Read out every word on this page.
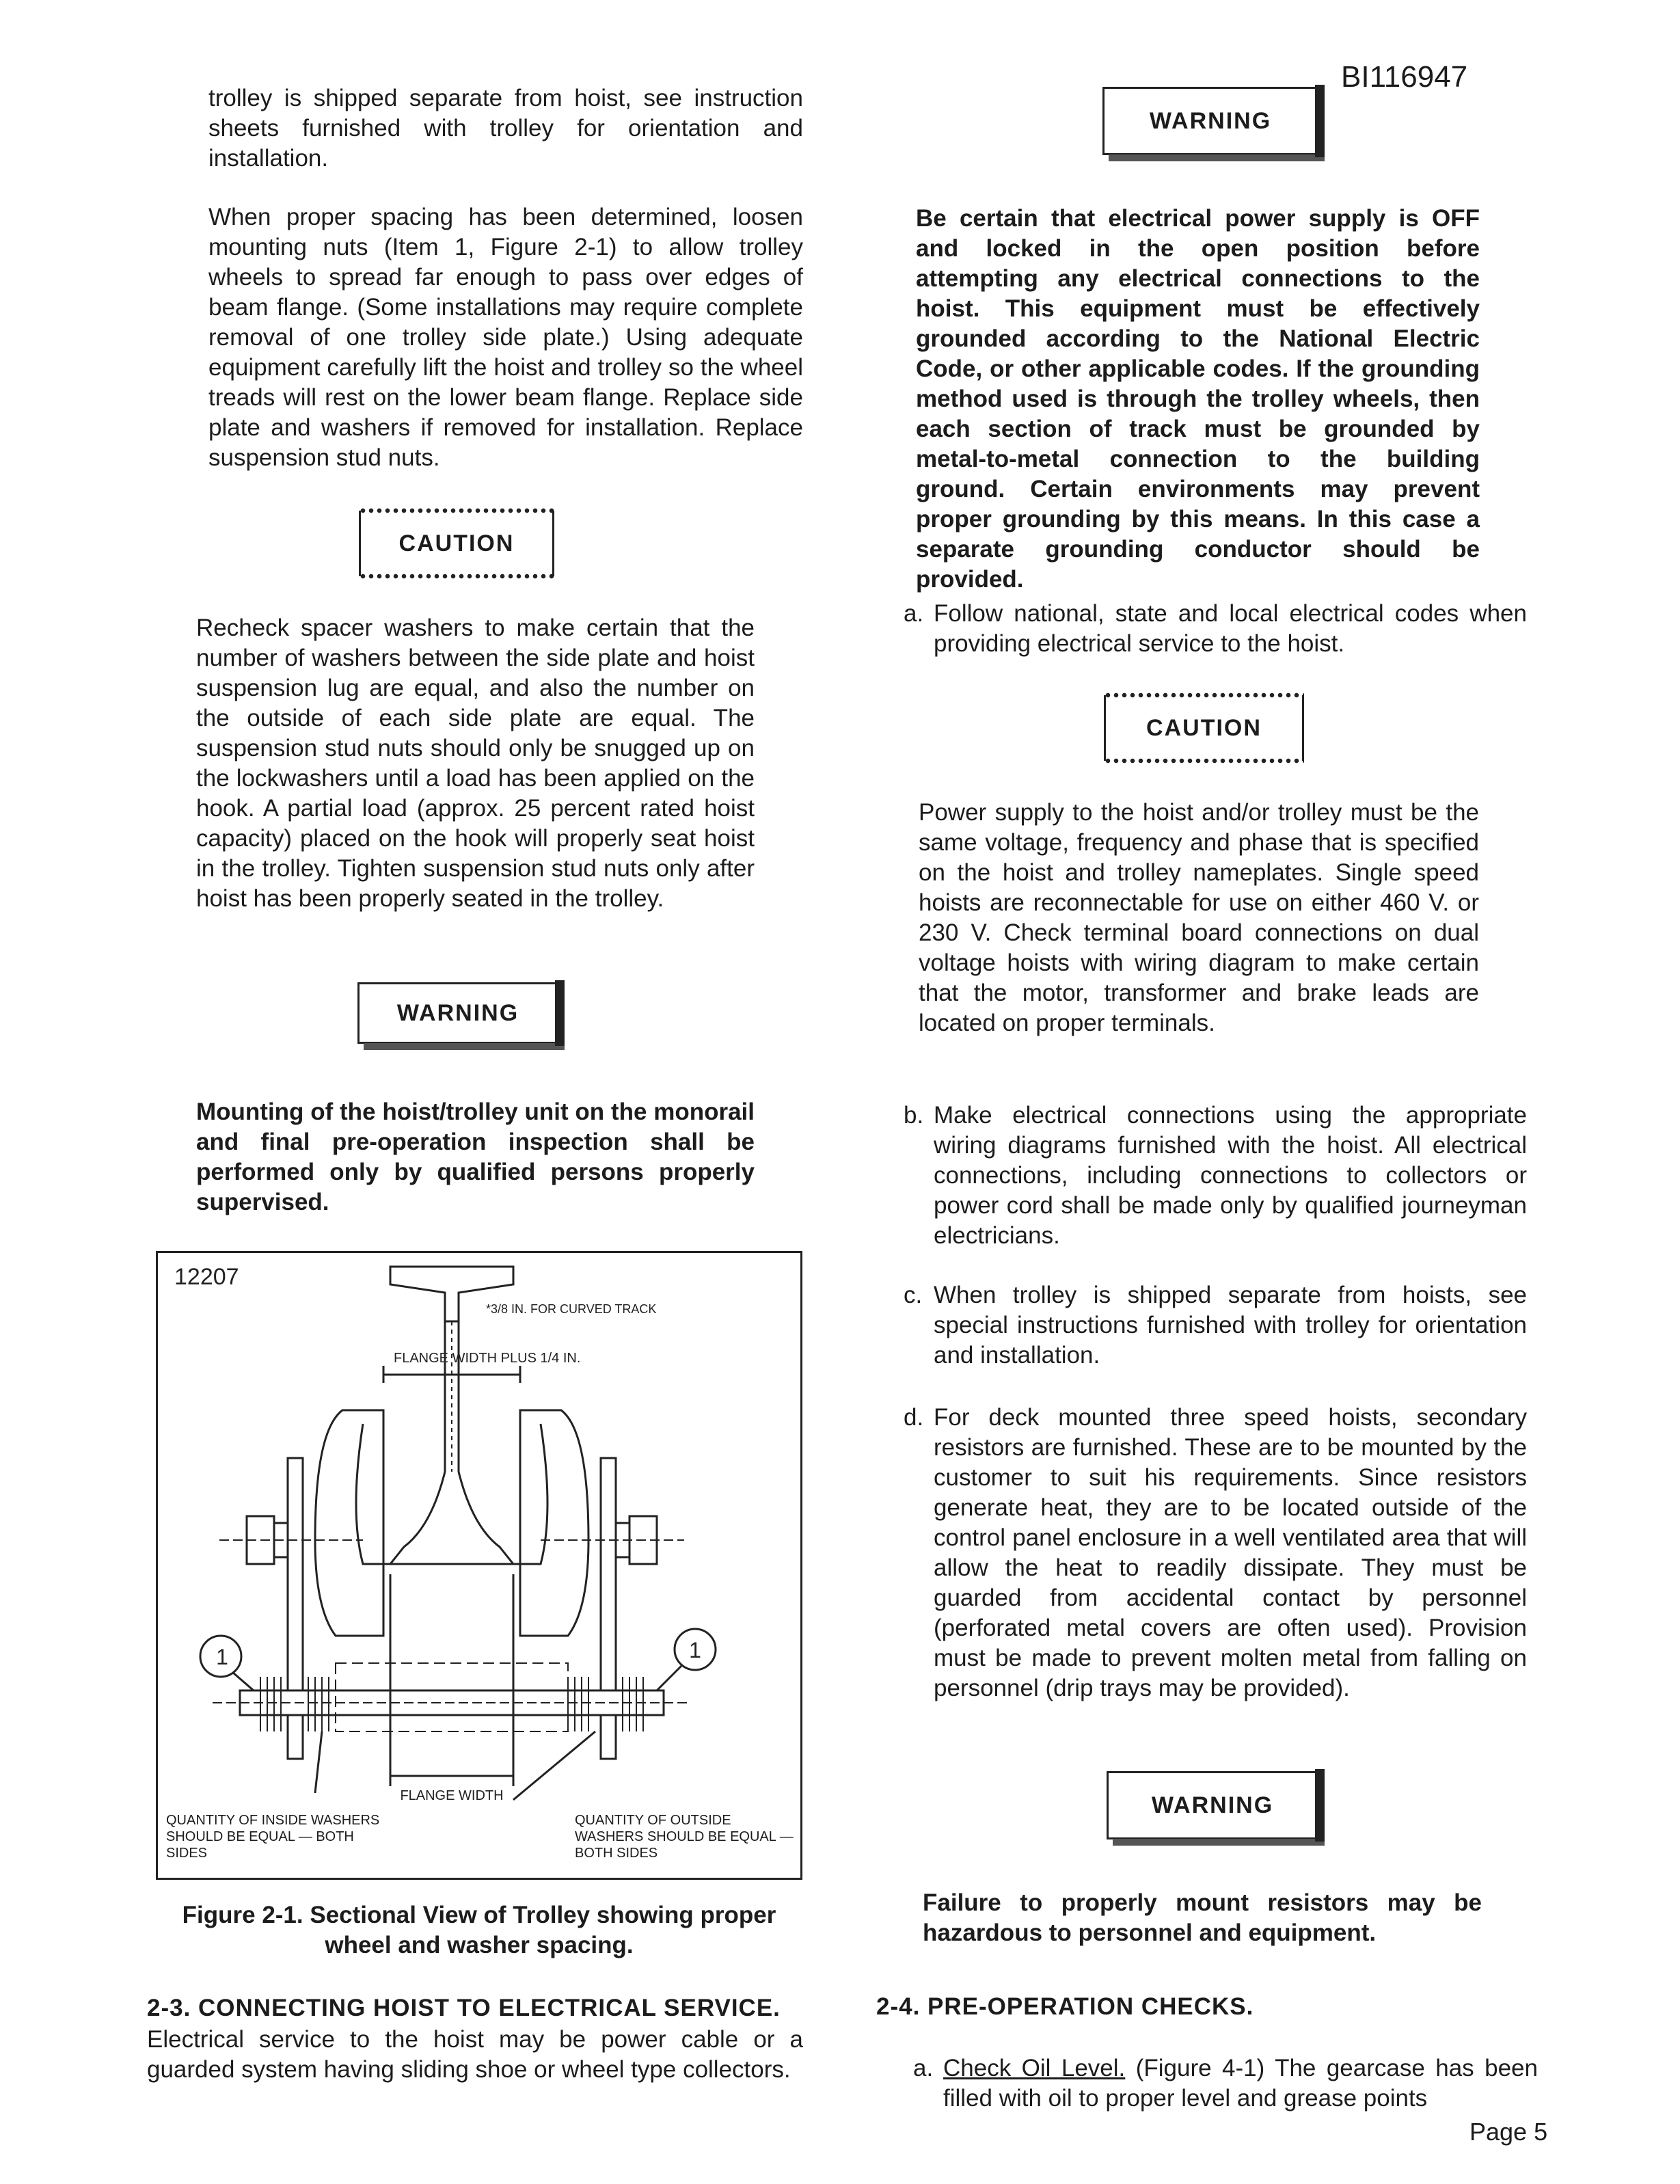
BI116947

trolley is shipped separate from hoist, see instruction sheets furnished with trolley for orientation and installation.

When proper spacing has been determined, loosen mounting nuts (Item 1, Figure 2-1) to allow trolley wheels to spread far enough to pass over edges of beam flange. (Some installations may require complete removal of one trolley side plate.) Using adequate equipment carefully lift the hoist and trolley so the wheel treads will rest on the lower beam flange. Replace side plate and washers if removed for installation. Replace suspension stud nuts.

CAUTION

Recheck spacer washers to make certain that the number of washers between the side plate and hoist suspension lug are equal, and also the number on the outside of each side plate are equal. The suspension stud nuts should only be snugged up on the lockwashers until a load has been applied on the hook. A partial load (approx. 25 percent rated hoist capacity) placed on the hook will properly seat hoist in the trolley. Tighten suspension stud nuts only after hoist has been properly seated in the trolley.

WARNING

Mounting of the hoist/trolley unit on the monorail and final pre-operation inspection shall be performed only by qualified persons properly supervised.

12207
*3/8 IN. FOR CURVED TRACK
FLANGE WIDTH PLUS 1/4 IN.
1	1
FLANGE WIDTH
QUANTITY OF INSIDE WASHERS SHOULD BE EQUAL — BOTH SIDES
QUANTITY OF OUTSIDE WASHERS SHOULD BE EQUAL — BOTH SIDES
Figure 2-1. Sectional View of Trolley showing proper wheel and washer spacing.
2-3. CONNECTING HOIST TO ELECTRICAL SERVICE.

Electrical service to the hoist may be power cable or a guarded system having sliding shoe or wheel type collectors.

WARNING

Be certain that electrical power supply is OFF and locked in the open position before attempting any electrical connections to the hoist. This equipment must be effectively grounded according to the National Electric Code, or other applicable codes. If the grounding method used is through the trolley wheels, then each section of track must be grounded by metal-to-metal connection to the building ground. Certain environments may prevent proper grounding by this means. In this case a separate grounding conductor should be provided.

a. Follow national, state and local electrical codes when providing electrical service to the hoist.
CAUTION

Power supply to the hoist and/or trolley must be the same voltage, frequency and phase that is specified on the hoist and trolley nameplates. Single speed hoists are reconnectable for use on either 460 V. or 230 V. Check terminal board connections on dual voltage hoists with wiring diagram to make certain that the motor, transformer and brake leads are located on proper terminals.

b. Make electrical connections using the appropriate wiring diagrams furnished with the hoist. All electrical connections, including connections to collectors or power cord shall be made only by qualified journeyman electricians.
c. When trolley is shipped separate from hoists, see special instructions furnished with trolley for orientation and installation.
d. For deck mounted three speed hoists, secondary resistors are furnished. These are to be mounted by the customer to suit his requirements. Since resistors generate heat, they are to be located outside of the control panel enclosure in a well ventilated area that will allow the heat to readily dissipate. They must be guarded from accidental contact by personnel (perforated metal covers are often used). Provision must be made to prevent molten metal from falling on personnel (drip trays may be provided).
WARNING

Failure to properly mount resistors may be hazardous to personnel and equipment.

2-4. PRE-OPERATION CHECKS.
a. Check Oil Level. (Figure 4-1) The gearcase has been filled with oil to proper level and grease points
Page 5
